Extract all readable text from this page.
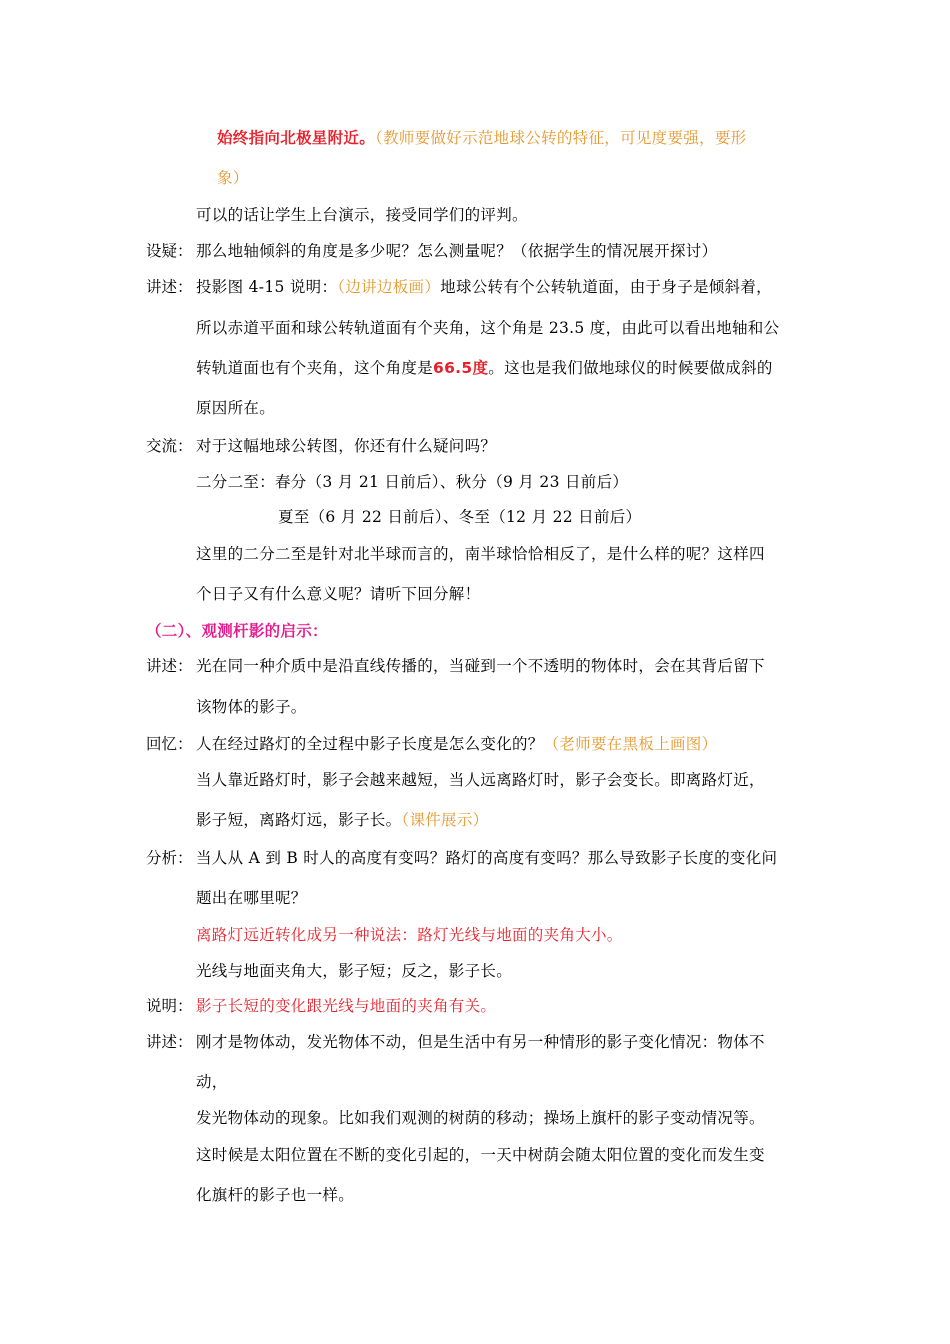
始终指向北极星附近。（教师要做好示范地球公转的特征，可见度要强，要形
象）
可以的话让学生上台演示，接受同学们的评判。
设疑： 那么地轴倾斜的角度是多少呢？怎么测量呢？（依据学生的情况展开探讨）
讲述： 投影图 4-15 说明：（边讲边板画）地球公转有个公转轨道面，由于身子是倾斜着，
所以赤道平面和球公转轨道面有个夹角，这个角是 23.5 度，由此可以看出地轴和公
转轨道面也有个夹角，这个角度是66.5度。这也是我们做地球仪的时候要做成斜的
原因所在。
交流： 对于这幅地球公转图，你还有什么疑问吗？
二分二至：春分（3 月 21 日前后）、秋分（9 月 23 日前后）
夏至（6 月 22 日前后）、冬至（12 月 22 日前后）
这里的二分二至是针对北半球而言的，南半球恰恰相反了，是什么样的呢？这样四
个日子又有什么意义呢？请听下回分解！
（二）、观测杆影的启示：
讲述： 光在同一种介质中是沿直线传播的，当碰到一个不透明的物体时，会在其背后留下
该物体的影子。
回忆： 人在经过路灯的全过程中影子长度是怎么变化的？（老师要在黑板上画图）
当人靠近路灯时，影子会越来越短，当人远离路灯时，影子会变长。即离路灯近，
影子短，离路灯远，影子长。（课件展示）
分析： 当人从 A 到 B 时人的高度有变吗？路灯的高度有变吗？那么导致影子长度的变化问
题出在哪里呢？
离路灯远近转化成另一种说法：路灯光线与地面的夹角大小。
光线与地面夹角大，影子短；反之，影子长。
说明： 影子长短的变化跟光线与地面的夹角有关。
讲述： 刚才是物体动，发光物体不动，但是生活中有另一种情形的影子变化情况：物体不
动，
发光物体动的现象。比如我们观测的树荫的移动；操场上旗杆的影子变动情况等。
这时候是太阳位置在不断的变化引起的，一天中树荫会随太阳位置的变化而发生变
化旗杆的影子也一样。
